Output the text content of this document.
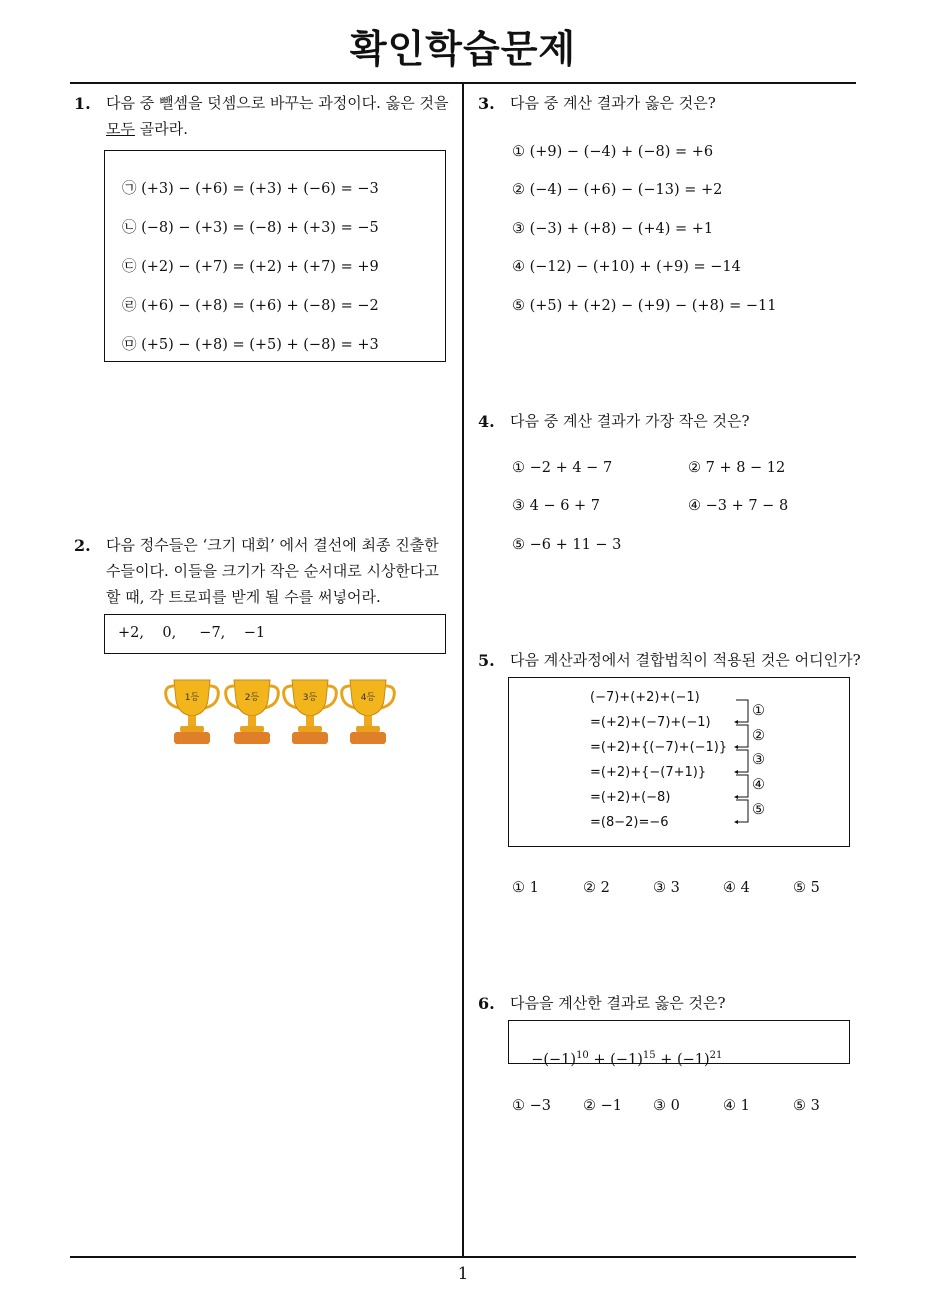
확인학습문제
1. 다음 중 뺄셈을 덧셈으로 바꾸는 과정이다. 옳은 것을
모두 골라라.
㉠ (+3) − (+6) = (+3) + (−6) = −3
㉡ (−8) − (+3) = (−8) + (+3) = −5
㉢ (+2) − (+7) = (+2) + (+7) = +9
㉣ (+6) − (+8) = (+6) + (−8) = −2
㉤ (+5) − (+8) = (+5) + (−8) = +3
2. 다음 정수들은 ‘크기 대회’ 에서 결선에 최종 진출한
수들이다. 이들을 크기가 작은 순서대로 시상한다고
할 때, 각 트로피를 받게 될 수를 써넣어라.
+2,    0,     −7,    −1
1등	2등	3등	4등
3. 다음 중 계산 결과가 옳은 것은?
① (+9) − (−4) + (−8) = +6
② (−4) − (+6) − (−13) = +2
③ (−3) + (+8) − (+4) = +1
④ (−12) − (+10) + (+9) = −14
⑤ (+5) + (+2) − (+9) − (+8) = −11
4. 다음 중 계산 결과가 가장 작은 것은?
① −2 + 4 − 7	② 7 + 8 − 12
③ 4 − 6 + 7	④ −3 + 7 − 8
⑤ −6 + 11 − 3
5. 다음 계산과정에서 결합법칙이 적용된 것은 어디인가?
(−7)+(+2)+(−1)
=(+2)+(−7)+(−1)
=(+2)+{(−7)+(−1)}
=(+2)+{−(7+1)}
=(+2)+(−8)
=(8−2)=−6
①
②
③
④
⑤
① 1	② 2	③ 3	④ 4	⑤ 5
6. 다음을 계산한 결과로 옳은 것은?

$-(-1)^{10} + (-1)^{15} + (-1)^{21}$

① −3 ② −1 ③ 0	④ 1	⑤ 3
1
